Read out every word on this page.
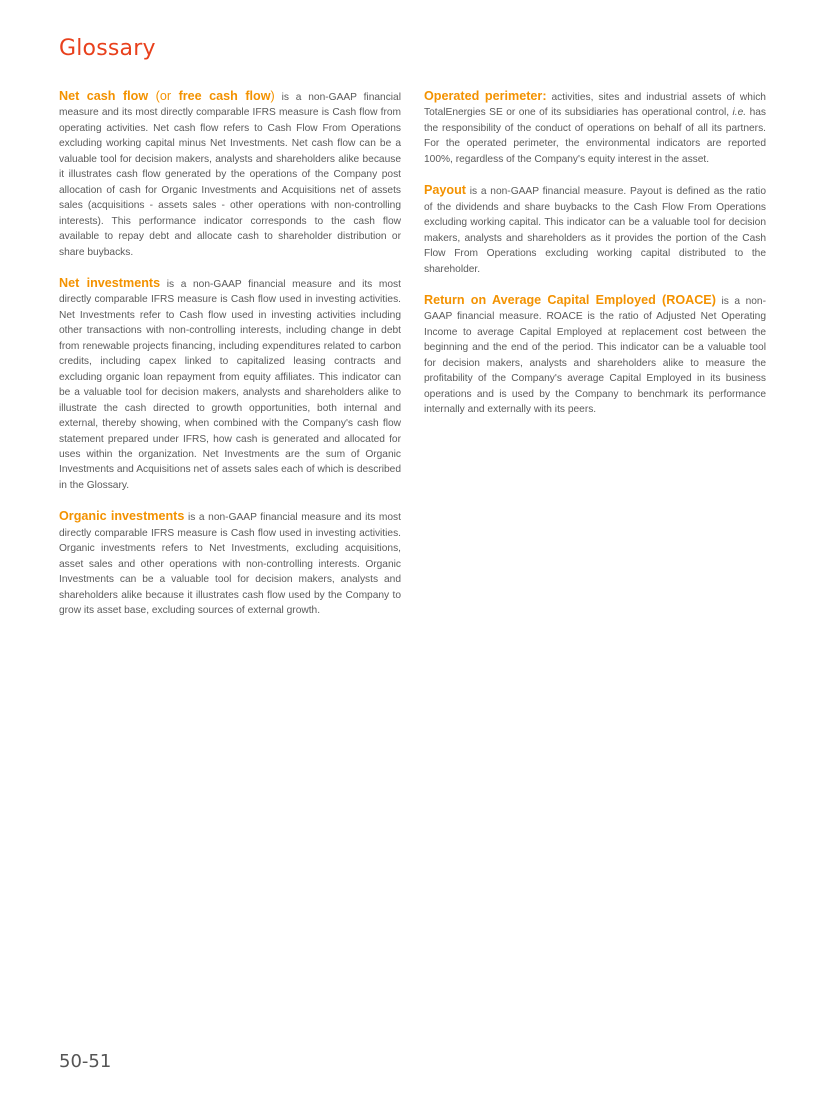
Glossary

Net cash flow (or free cash flow) is a non-GAAP financial measure and its most directly comparable IFRS measure is Cash flow from operating activities. Net cash flow refers to Cash Flow From Operations excluding working capital minus Net Investments. Net cash flow can be a valuable tool for decision makers, analysts and shareholders alike because it illustrates cash flow generated by the operations of the Company post allocation of cash for Organic Investments and Acquisitions net of assets sales (acquisitions - assets sales - other operations with non-controlling interests). This performance indicator corresponds to the cash flow available to repay debt and allocate cash to shareholder distribution or share buybacks.

Net investments is a non-GAAP financial measure and its most directly comparable IFRS measure is Cash flow used in investing activities. Net Investments refer to Cash flow used in investing activities including other transactions with non-controlling interests, including change in debt from renewable projects financing, including expenditures related to carbon credits, including capex linked to capitalized leasing contracts and excluding organic loan repayment from equity affiliates. This indicator can be a valuable tool for decision makers, analysts and shareholders alike to illustrate the cash directed to growth opportunities, both internal and external, thereby showing, when combined with the Company's cash flow statement prepared under IFRS, how cash is generated and allocated for uses within the organization. Net Investments are the sum of Organic Investments and Acquisitions net of assets sales each of which is described in the Glossary.

Organic investments is a non-GAAP financial measure and its most directly comparable IFRS measure is Cash flow used in investing activities. Organic investments refers to Net Investments, excluding acquisitions, asset sales and other operations with non-controlling interests. Organic Investments can be a valuable tool for decision makers, analysts and shareholders alike because it illustrates cash flow used by the Company to grow its asset base, excluding sources of external growth.

Operated perimeter: activities, sites and industrial assets of which TotalEnergies SE or one of its subsidiaries has operational control, i.e. has the responsibility of the conduct of operations on behalf of all its partners. For the operated perimeter, the environmental indicators are reported 100%, regardless of the Company's equity interest in the asset.

Payout is a non-GAAP financial measure. Payout is defined as the ratio of the dividends and share buybacks to the Cash Flow From Operations excluding working capital. This indicator can be a valuable tool for decision makers, analysts and shareholders as it provides the portion of the Cash Flow From Operations excluding working capital distributed to the shareholder.

Return on Average Capital Employed (ROACE) is a non-GAAP financial measure. ROACE is the ratio of Adjusted Net Operating Income to average Capital Employed at replacement cost between the beginning and the end of the period. This indicator can be a valuable tool for decision makers, analysts and shareholders alike to measure the profitability of the Company's average Capital Employed in its business operations and is used by the Company to benchmark its performance internally and externally with its peers.

50-51
